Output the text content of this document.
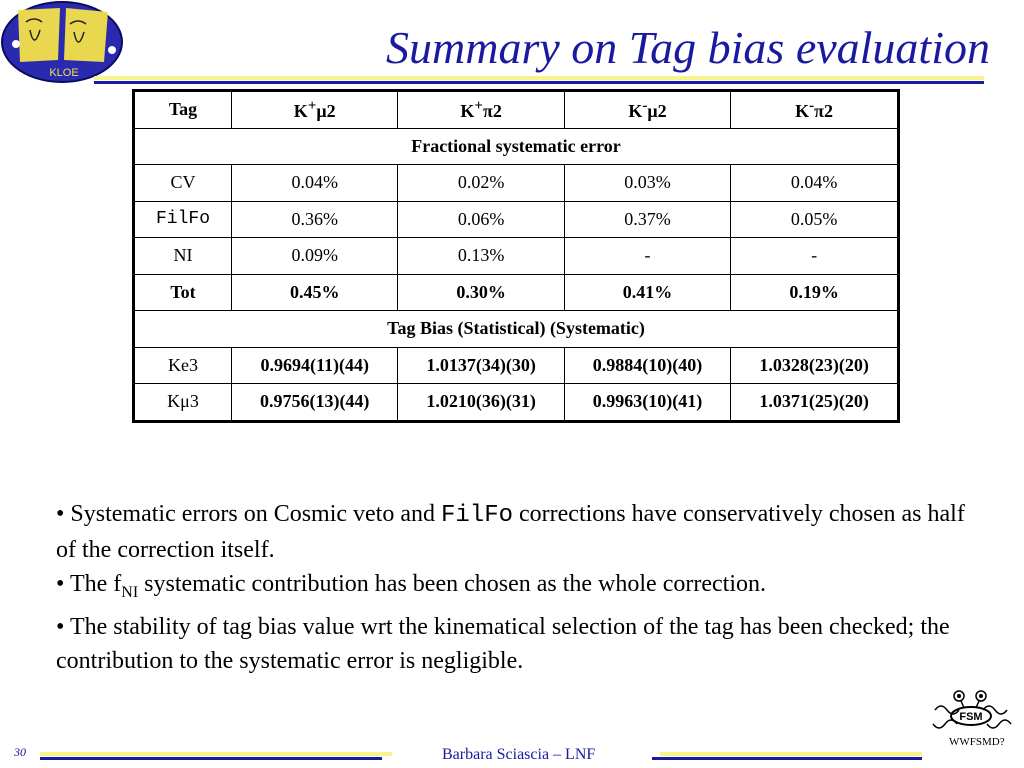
KLOE	Summary on Tag bias evaluation
Tag	K+μ2	K+π2	K-μ2	K-π2
Fractional systematic error				
CV	0.04%	0.02%	0.03%	0.04%
FilFo	0.36%	0.06%	0.37%	0.05%
NI	0.09%	0.13%	-	-
Tot	0.45%	0.30%	0.41%	0.19%
Tag Bias (Statistical) (Systematic)				
Ke3	0.9694(11)(44)	1.0137(34)(30)	0.9884(10)(40)	1.0328(23)(20)
Kμ3	0.9756(13)(44)	1.0210(36)(31)	0.9963(10)(41)	1.0371(25)(20)

• Systematic errors on Cosmic veto and FilFo corrections have conservatively chosen as half of the correction itself.

• The $f_{NI}$ systematic contribution has been chosen as the whole correction.

• The stability of tag bias value wrt the kinematical selection of the tag has been checked; the contribution to the systematic error is negligible.

30	Barbara Sciascia – LNF
FSM
WWFSMD?
